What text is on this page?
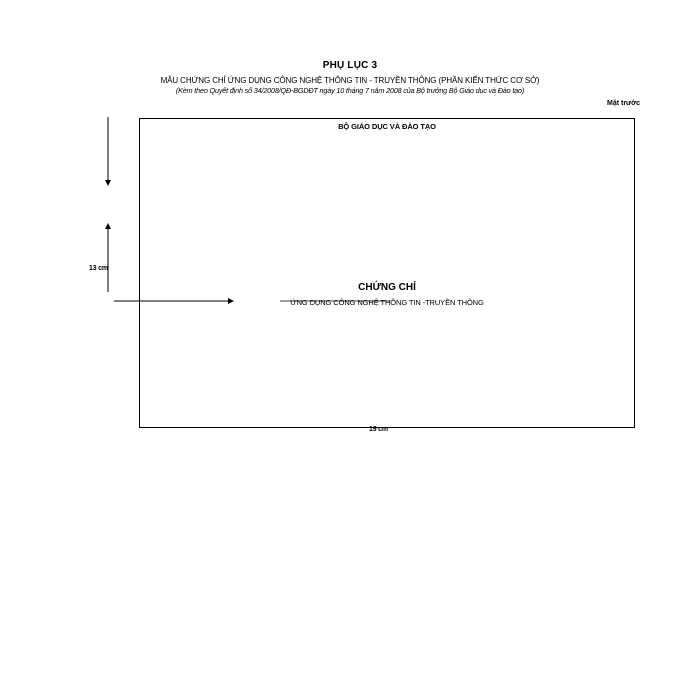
PHỤ LỤC 3
MẪU CHỨNG CHỈ ỨNG DỤNG CÔNG NGHỆ THÔNG TIN - TRUYỀN THÔNG (PHẦN KIẾN THỨC CƠ SỞ)
(Kèm theo Quyết định số 34/2008/QĐ-BGDĐT ngày 10 tháng 7 năm 2008 của Bộ trưởng Bộ Giáo dục và Đào tạo)
Mặt trước
BỘ GIÁO DỤC VÀ ĐÀO TẠO
CHỨNG CHỈ
ỨNG DỤNG CÔNG NGHỆ THÔNG TIN -TRUYỀN THÔNG
13 cm
19 cm
